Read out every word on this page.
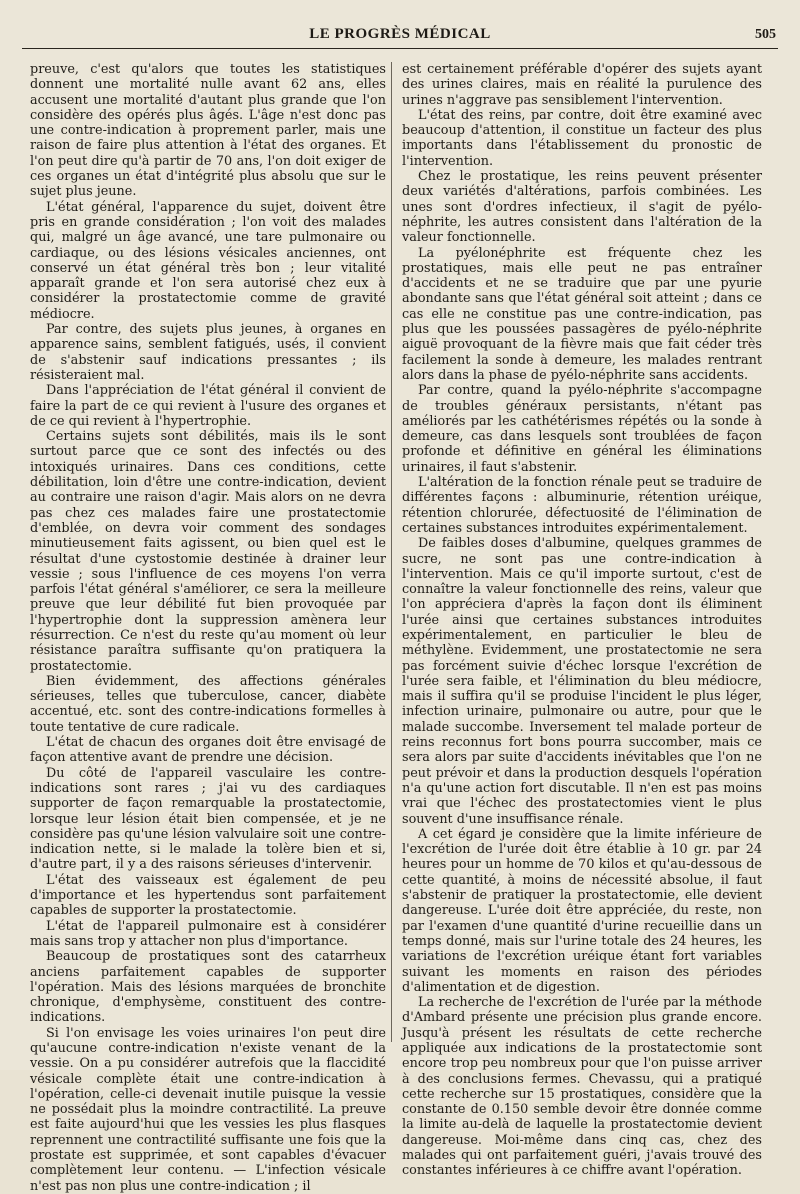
LE PROGRÈS MÉDICAL	505

preuve, c'est qu'alors que toutes les statistiques donnent une mortalité nulle avant 62 ans, elles accusent une mortalité d'autant plus grande que l'on considère des opérés plus âgés. L'âge n'est donc pas une contre-indication à proprement parler, mais une raison de faire plus attention à l'état des organes. Et l'on peut dire qu'à partir de 70 ans, l'on doit exiger de ces organes un état d'intégrité plus absolu que sur le sujet plus jeune.

L'état général, l'apparence du sujet, doivent être pris en grande considération ; l'on voit des malades qui, malgré un âge avancé, une tare pulmonaire ou cardiaque, ou des lésions vésicales anciennes, ont conservé un état général très bon ; leur vitalité apparaît grande et l'on sera autorisé chez eux à considérer la prostatectomie comme de gravité médiocre.

Par contre, des sujets plus jeunes, à organes en apparence sains, semblent fatigués, usés, il convient de s'abstenir sauf indications pressantes ; ils résisteraient mal.

Dans l'appréciation de l'état général il convient de faire la part de ce qui revient à l'usure des organes et de ce qui revient à l'hypertrophie.

Certains sujets sont débilités, mais ils le sont surtout parce que ce sont des infectés ou des intoxiqués urinaires. Dans ces conditions, cette débilitation, loin d'être une contre-indication, devient au contraire une raison d'agir. Mais alors on ne devra pas chez ces malades faire une prostatectomie d'emblée, on devra voir comment des sondages minutieusement faits agissent, ou bien quel est le résultat d'une cystostomie destinée à drainer leur vessie ; sous l'influence de ces moyens l'on verra parfois l'état général s'améliorer, ce sera la meilleure preuve que leur débilité fut bien provoquée par l'hypertrophie dont la suppression amènera leur résurrection. Ce n'est du reste qu'au moment où leur résistance paraîtra suffisante qu'on pratiquera la prostatectomie.

Bien évidemment, des affections générales sérieuses, telles que tuberculose, cancer, diabète accentué, etc. sont des contre-indications formelles à toute tentative de cure radicale.

L'état de chacun des organes doit être envisagé de façon attentive avant de prendre une décision.

Du côté de l'appareil vasculaire les contre-indications sont rares ; j'ai vu des cardiaques supporter de façon remarquable la prostatectomie, lorsque leur lésion était bien compensée, et je ne considère pas qu'une lésion valvulaire soit une contre-indication nette, si le malade la tolère bien et si, d'autre part, il y a des raisons sérieuses d'intervenir.

L'état des vaisseaux est également de peu d'importance et les hypertendus sont parfaitement capables de supporter la prostatectomie.

L'état de l'appareil pulmonaire est à considérer mais sans trop y attacher non plus d'importance.

Beaucoup de prostatiques sont des catarrheux anciens parfaitement capables de supporter l'opération. Mais des lésions marquées de bronchite chronique, d'emphysème, constituent des contre-indications.

Si l'on envisage les voies urinaires l'on peut dire qu'aucune contre-indication n'existe venant de la vessie. On a pu considérer autrefois que la flaccidité vésicale complète était une contre-indication à l'opération, celle-ci devenait inutile puisque la vessie ne possédait plus la moindre contractilité. La preuve est faite aujourd'hui que les vessies les plus flasques reprennent une contractilité suffisante une fois que la prostate est supprimée, et sont capables d'évacuer complètement leur contenu. — L'infection vésicale n'est pas non plus une contre-indication ; il

est certainement préférable d'opérer des sujets ayant des urines claires, mais en réalité la purulence des urines n'aggrave pas sensiblement l'intervention.

L'état des reins, par contre, doit être examiné avec beaucoup d'attention, il constitue un facteur des plus importants dans l'établissement du pronostic de l'intervention.

Chez le prostatique, les reins peuvent présenter deux variétés d'altérations, parfois combinées. Les unes sont d'ordres infectieux, il s'agit de pyélo-néphrite, les autres consistent dans l'altération de la valeur fonctionnelle.

La pyélonéphrite est fréquente chez les prostatiques, mais elle peut ne pas entraîner d'accidents et ne se traduire que par une pyurie abondante sans que l'état général soit atteint ; dans ce cas elle ne constitue pas une contre-indication, pas plus que les poussées passagères de pyélo-néphrite aiguë provoquant de la fièvre mais que fait céder très facilement la sonde à demeure, les malades rentrant alors dans la phase de pyélo-néphrite sans accidents.

Par contre, quand la pyélo-néphrite s'accompagne de troubles généraux persistants, n'étant pas améliorés par les cathétérismes répétés ou la sonde à demeure, cas dans lesquels sont troublées de façon profonde et définitive en général les éliminations urinaires, il faut s'abstenir.

L'altération de la fonction rénale peut se traduire de différentes façons : albuminurie, rétention uréique, rétention chlorurée, défectuosité de l'élimination de certaines substances introduites expérimentalement.

De faibles doses d'albumine, quelques grammes de sucre, ne sont pas une contre-indication à l'intervention. Mais ce qu'il importe surtout, c'est de connaître la valeur fonctionnelle des reins, valeur que l'on appréciera d'après la façon dont ils éliminent l'urée ainsi que certaines substances introduites expérimentalement, en particulier le bleu de méthylène. Evidemment, une prostatectomie ne sera pas forcément suivie d'échec lorsque l'excrétion de l'urée sera faible, et l'élimination du bleu médiocre, mais il suffira qu'il se produise l'incident le plus léger, infection urinaire, pulmonaire ou autre, pour que le malade succombe. Inversement tel malade porteur de reins reconnus fort bons pourra succomber, mais ce sera alors par suite d'accidents inévitables que l'on ne peut prévoir et dans la production desquels l'opération n'a qu'une action fort discutable. Il n'en est pas moins vrai que l'échec des prostatectomies vient le plus souvent d'une insuffisance rénale.

A cet égard je considère que la limite inférieure de l'excrétion de l'urée doit être établie à 10 gr. par 24 heures pour un homme de 70 kilos et qu'au-dessous de cette quantité, à moins de nécessité absolue, il faut s'abstenir de pratiquer la prostatectomie, elle devient dangereuse. L'urée doit être appréciée, du reste, non par l'examen d'une quantité d'urine recueillie dans un temps donné, mais sur l'urine totale des 24 heures, les variations de l'excrétion uréique étant fort variables suivant les moments en raison des périodes d'alimentation et de digestion.

La recherche de l'excrétion de l'urée par la méthode d'Ambard présente une précision plus grande encore. Jusqu'à présent les résultats de cette recherche appliquée aux indications de la prostatectomie sont encore trop peu nombreux pour que l'on puisse arriver à des conclusions fermes. Chevassu, qui a pratiqué cette recherche sur 15 prostatiques, considère que la constante de 0.150 semble devoir être donnée comme la limite au-delà de laquelle la prostatectomie devient dangereuse. Moi-même dans cinq cas, chez des malades qui ont parfaitement guéri, j'avais trouvé des constantes inférieures à ce chiffre avant l'opération.
